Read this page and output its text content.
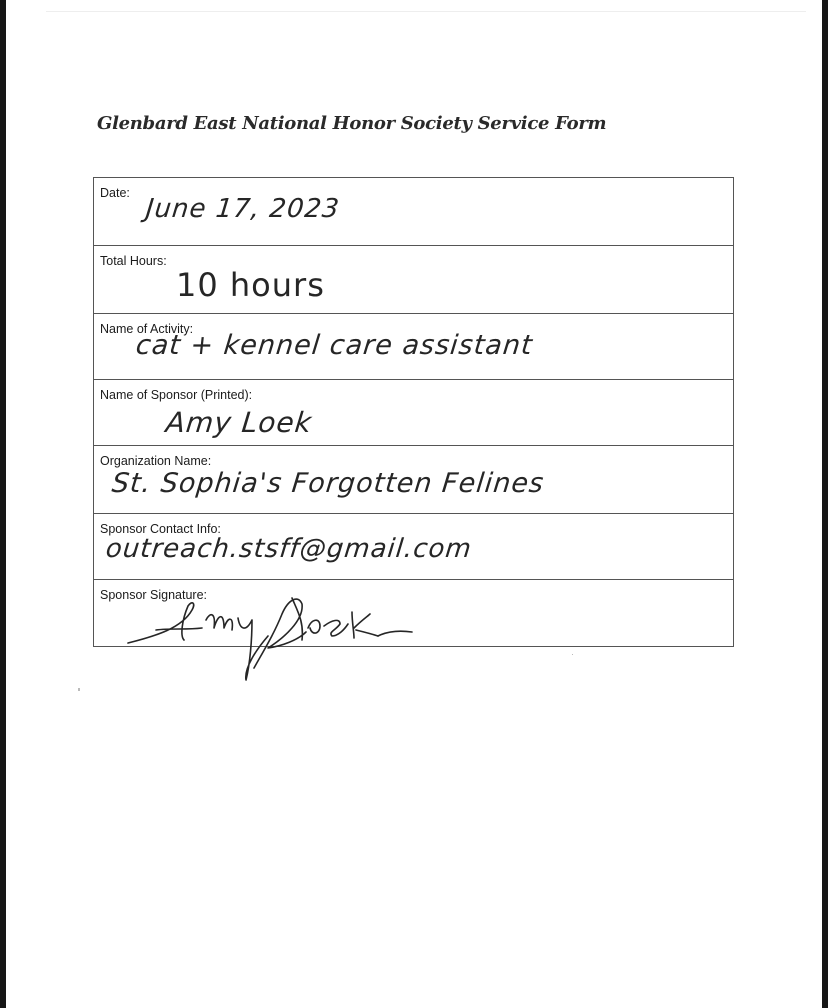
Glenbard East National Honor Society Service Form
Date:
June 17, 2023
Total Hours:
10 hours
Name of Activity:
cat + kennel care assistant
Name of Sponsor (Printed):
Amy Loek
Organization Name:
St. Sophia's Forgotten Felines
Sponsor Contact Info:
outreach.stsff@gmail.com
Sponsor Signature:
